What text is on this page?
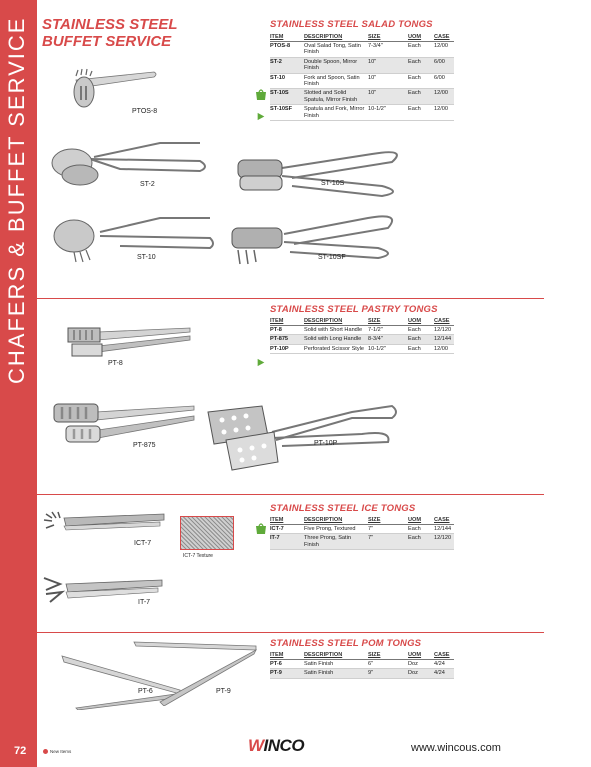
CHAFERS & BUFFET SERVICE
72
STAINLESS STEEL
BUFFET SERVICE
STAINLESS STEEL SALAD TONGS
ITEM	DESCRIPTION	SIZE	UOM	CASE
PTOS-8	Oval Salad Tong, Satin Finish	7-3/4"	Each	12/00
ST-2	Double Spoon, Mirror Finish	10"	Each	6/00
ST-10	Fork and Spoon, Satin Finish	10"	Each	6/00
ST-10S	Slotted and Solid Spatula, Mirror Finish	10"	Each	12/00
ST-10SF	Spatula and Fork, Mirror Finish	10-1/2"	Each	12/00
PTOS-8
ST-2	ST-10S
ST-10	ST-10SF
STAINLESS STEEL PASTRY TONGS
ITEM	DESCRIPTION	SIZE	UOM	CASE
PT-8	Solid with Short Handle	7-1/2"	Each	12/120
PT-875	Solid with Long Handle	8-3/4"	Each	12/144
PT-10P	Perforated Scissor Style	10-1/2"	Each	12/00
PT-8
PT-875	PT-10P
STAINLESS STEEL ICE TONGS
ITEM	DESCRIPTION	SIZE	UOM	CASE
ICT-7	Five Prong, Textured	7"	Each	12/144
IT-7	Three Prong, Satin Finish	7"	Each	12/120
ICT-7
ICT-7 Texture
IT-7
STAINLESS STEEL POM TONGS
ITEM	DESCRIPTION	SIZE	UOM	CASE
PT-6	Satin Finish	6"	Doz	4/24
PT-9	Satin Finish	9"	Doz	4/24
PT-6	PT-9
New Items	WINCO	www.wincous.com
